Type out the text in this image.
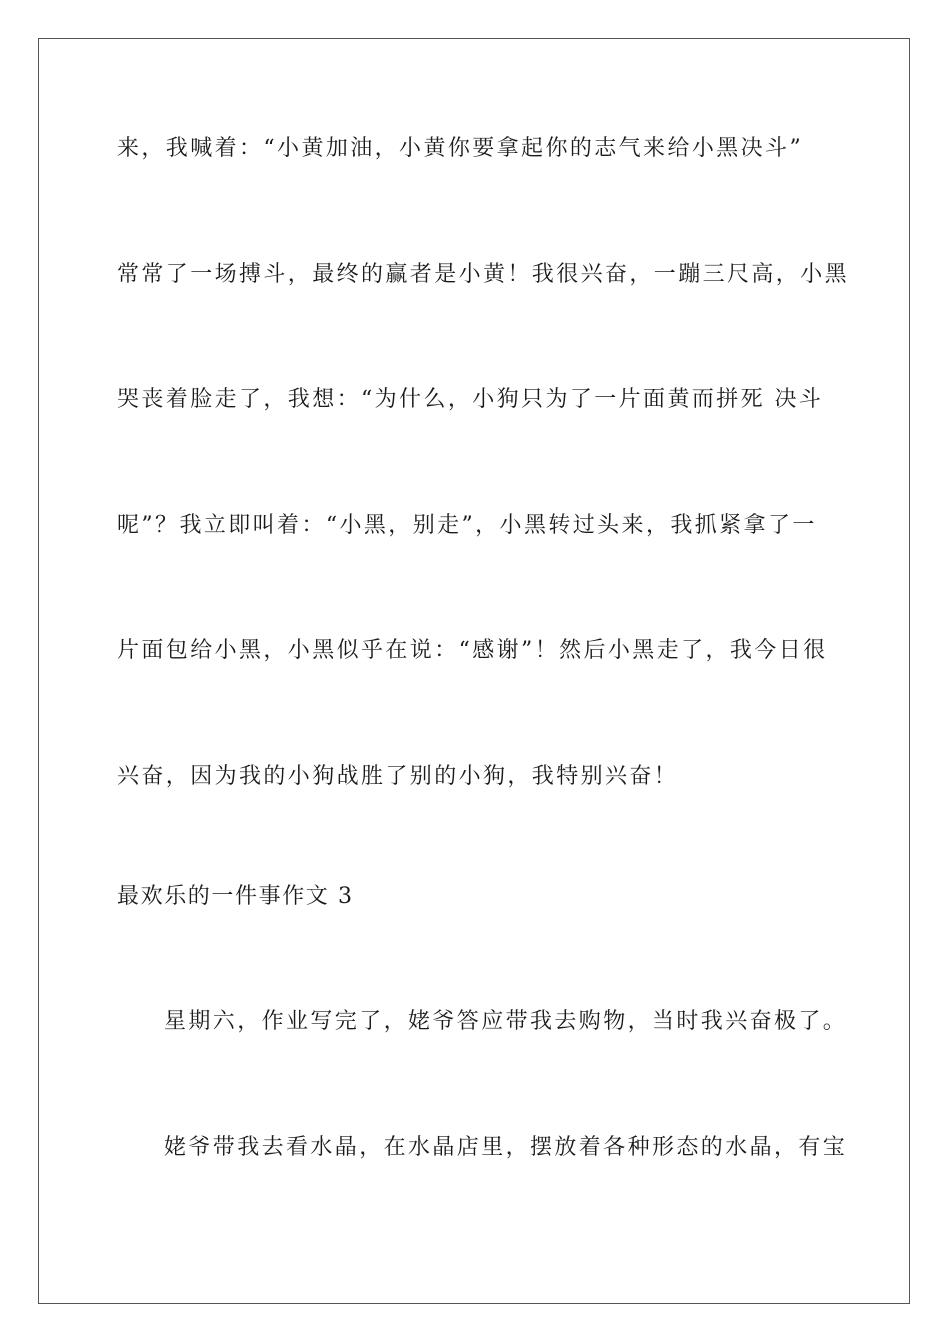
来，我喊着：“小黄加油，小黄你要拿起你的志气来给小黑决斗”
常常了一场搏斗，最终的赢者是小黄！我很兴奋，一蹦三尺高，小黑
哭丧着脸走了，我想：“为什么，小狗只为了一片面黄而拼死 决斗
呢”？我立即叫着：“小黑，别走”，小黑转过头来，我抓紧拿了一
片面包给小黑，小黑似乎在说：“感谢”！然后小黑走了，我今日很
兴奋，因为我的小狗战胜了别的小狗，我特别兴奋！
最欢乐的一件事作文 3
星期六，作业写完了，姥爷答应带我去购物，当时我兴奋极了。
姥爷带我去看水晶，在水晶店里，摆放着各种形态的水晶，有宝
